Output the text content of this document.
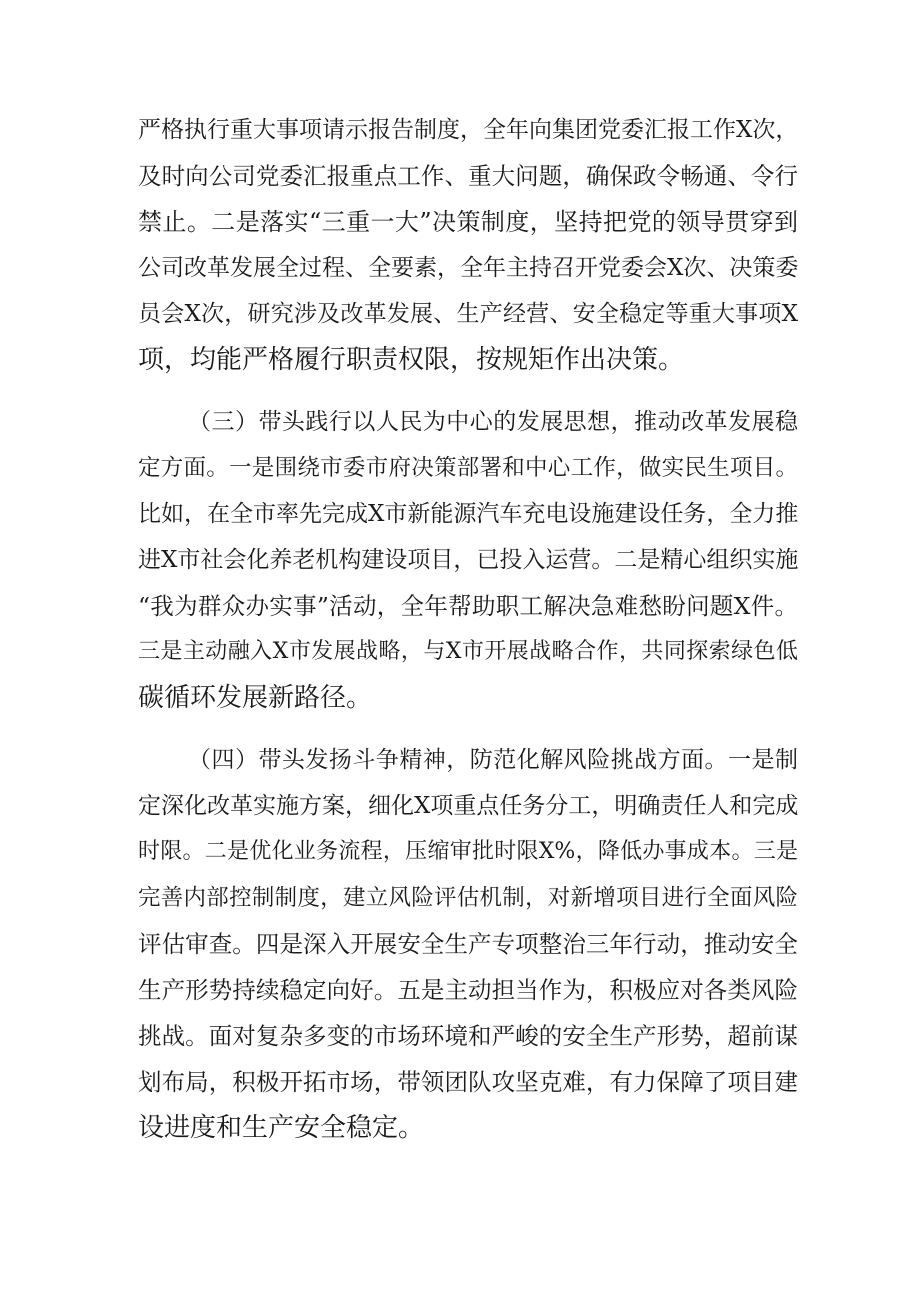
严格执行重大事项请示报告制度，全年向集团党委汇报工作X次，
及时向公司党委汇报重点工作、重大问题，确保政令畅通、令行
禁止。二是落实“三重一大”决策制度，坚持把党的领导贯穿到
公司改革发展全过程、全要素，全年主持召开党委会X次、决策委
员会X次，研究涉及改革发展、生产经营、安全稳定等重大事项X
项，均能严格履行职责权限，按规矩作出决策。
（三）带头践行以人民为中心的发展思想，推动改革发展稳
定方面。一是围绕市委市府决策部署和中心工作，做实民生项目。
比如，在全市率先完成X市新能源汽车充电设施建设任务，全力推
进X市社会化养老机构建设项目，已投入运营。二是精心组织实施
“我为群众办实事”活动，全年帮助职工解决急难愁盼问题X件。
三是主动融入X市发展战略，与X市开展战略合作，共同探索绿色低
碳循环发展新路径。
（四）带头发扬斗争精神，防范化解风险挑战方面。一是制
定深化改革实施方案，细化X项重点任务分工，明确责任人和完成
时限。二是优化业务流程，压缩审批时限X%，降低办事成本。三是
完善内部控制制度，建立风险评估机制，对新增项目进行全面风险
评估审查。四是深入开展安全生产专项整治三年行动，推动安全
生产形势持续稳定向好。五是主动担当作为，积极应对各类风险
挑战。面对复杂多变的市场环境和严峻的安全生产形势，超前谋
划布局，积极开拓市场，带领团队攻坚克难，有力保障了项目建
设进度和生产安全稳定。
